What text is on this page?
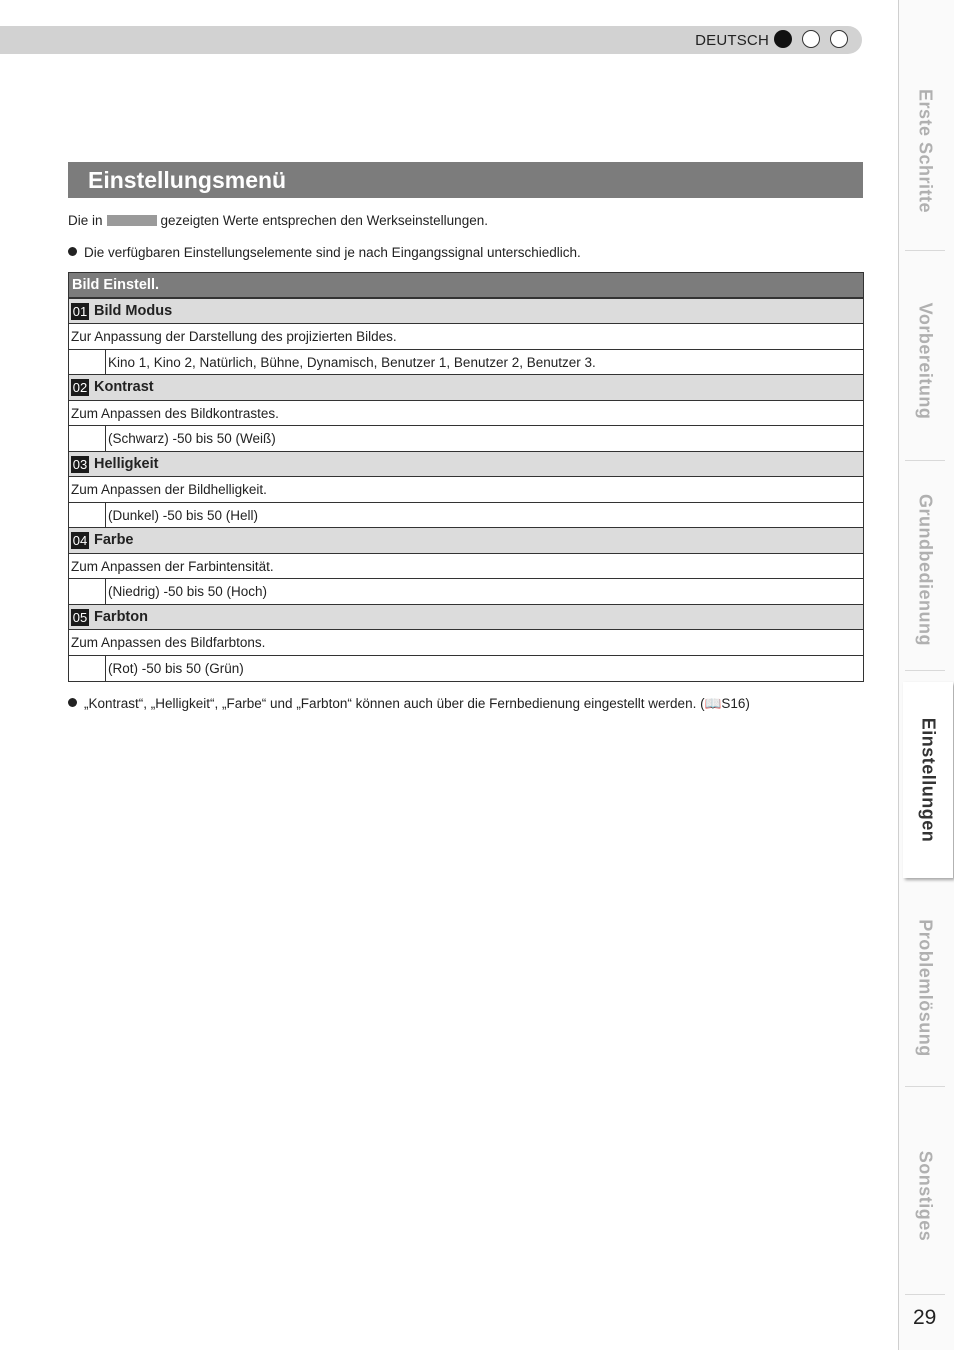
DEUTSCH
Einstellungsmenü
Die in	gezeigten Werte entsprechen den Werkseinstellungen.
Die verfügbaren Einstellungselemente sind je nach Eingangssignal unterschiedlich.
Bild Einstell.
01 Bild Modus
Zur Anpassung der Darstellung des projizierten Bildes.
Kino 1, Kino 2, Natürlich, Bühne, Dynamisch, Benutzer 1, Benutzer 2, Benutzer 3.
02 Kontrast
Zum Anpassen des Bildkontrastes.
(Schwarz) -50 bis 50 (Weiß)
03 Helligkeit
Zum Anpassen der Bildhelligkeit.
(Dunkel) -50 bis 50 (Hell)
04 Farbe
Zum Anpassen der Farbintensität.
(Niedrig) -50 bis 50 (Hoch)
05 Farbton
Zum Anpassen des Bildfarbtons.
(Rot) -50 bis 50 (Grün)
„Kontrast“, „Helligkeit“, „Farbe“ und „Farbton“ können auch über die Fernbedienung eingestellt werden. (📖S16)
Erste Schritte
Vorbereitung
Grundbedienung
Einstellungen
Problemlösung
Sonstiges
29
